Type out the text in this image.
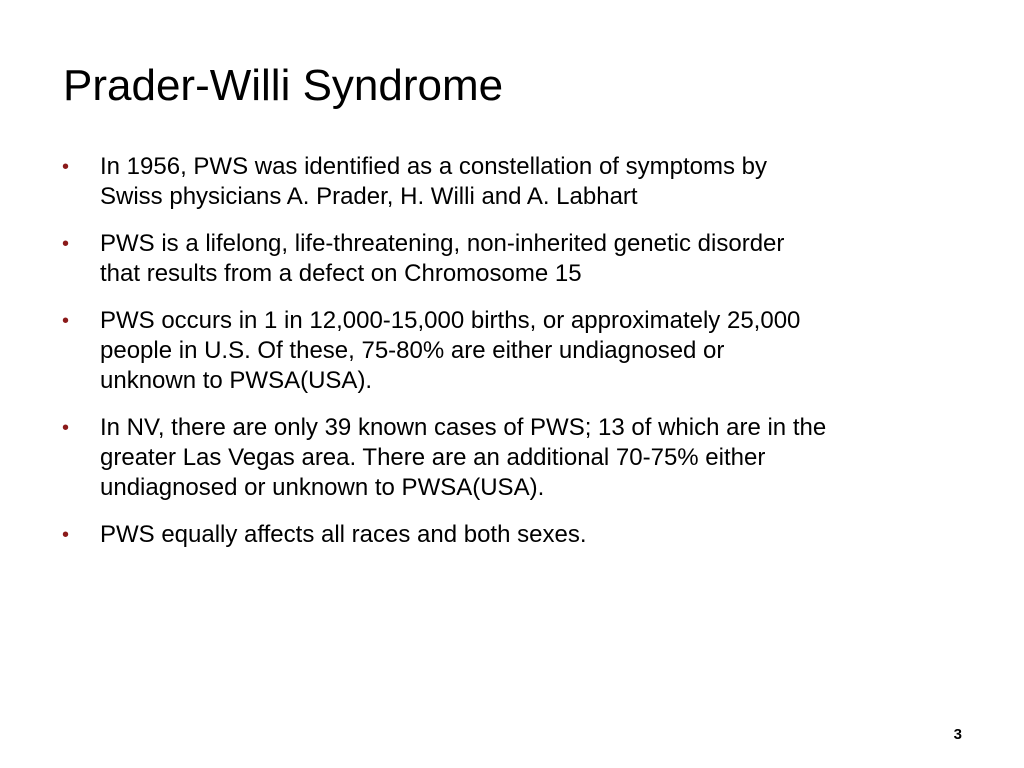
Prader-Willi Syndrome
•	In 1956, PWS was identified as a constellation of symptoms by
Swiss physicians A. Prader, H. Willi and A. Labhart
•	PWS is a lifelong, life-threatening, non-inherited genetic disorder
that results from a defect on Chromosome 15
•	PWS occurs in 1 in 12,000-15,000 births, or approximately 25,000
people in U.S. Of these, 75-80% are either undiagnosed or
unknown to PWSA(USA).
•	In NV, there are only 39 known cases of PWS; 13 of which are in the
greater Las Vegas area. There are an additional 70-75% either
undiagnosed or unknown to PWSA(USA).
•	PWS equally affects all races and both sexes.
3
